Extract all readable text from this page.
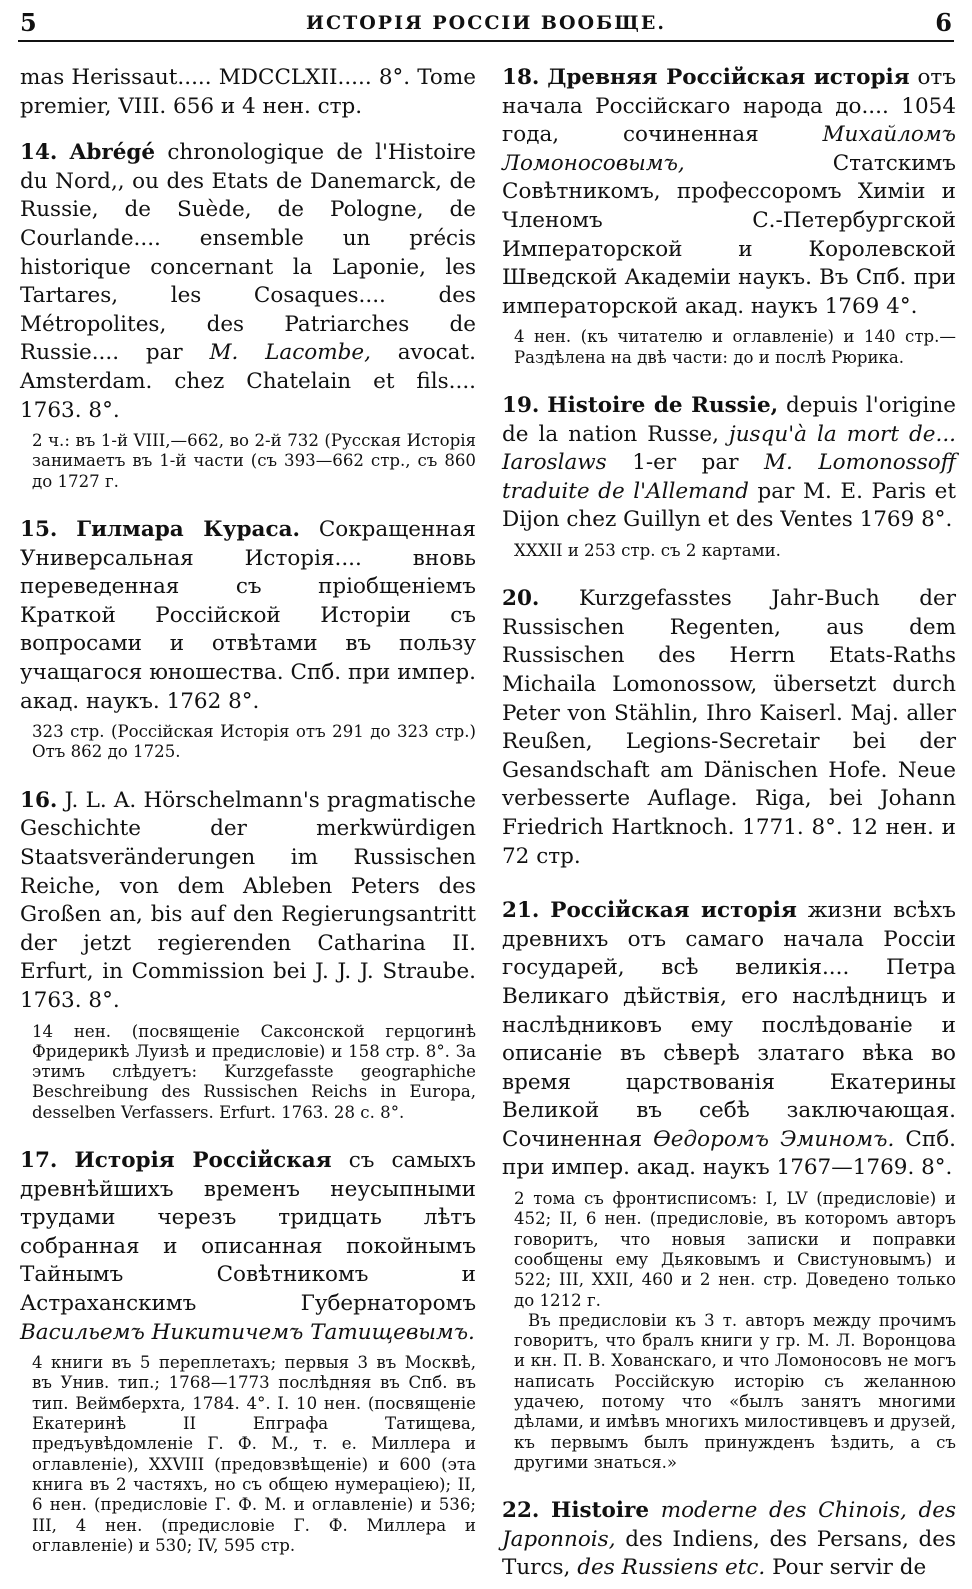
5	ИСТОРІЯ РОССІИ ВООБЩЕ.	6
mas Herissaut..... MDCCLXII..... 8°. Tome premier, VIII. 656 и 4 нен. стр.
14. Abrégé chronologique de l'Histoire du Nord,, ou des Etats de Danemarck, de Russie, de Suède, de Pologne, de Courlande.... ensemble un précis historique concernant la Laponie, les Tartares, les Cosaques.... des Métropolites, des Patriarches de Russie.... par M. Lacombe, avocat. Amsterdam. chez Chatelain et fils.... 1763. 8°.

2 ч.: въ 1-й VIII,—662, во 2-й 732 (Русская Исторія занимаетъ въ 1-й части (съ 393—662 стр., съ 860 до 1727 г.

15. Гилмара Кураса. Сокращенная Универсальная Исторія.... вновь переведенная съ пріобщеніемъ Краткой Россійской Исторіи съ вопросами и отвѣтами въ пользу учащагося юношества. Спб. при импер. акад. наукъ. 1762 8°.

323 стр. (Россійская Исторія отъ 291 до 323 стр.) Отъ 862 до 1725.

16. J. L. A. Hörschelmann's pragmatische Geschichte der merkwürdigen Staatsveränderungen im Russischen Reiche, von dem Ableben Peters des Großen an, bis auf den Regierungsantritt der jetzt regierenden Catharina II. Erfurt, in Commission bei J. J. J. Straube. 1763. 8°.

14 нен. (посвященіе Саксонской герцогинѣ Фридерикѣ Луизѣ и предисловіе) и 158 стр. 8°. За этимъ слѣдуетъ: Kurzgefasste geographiche Beschreibung des Russischen Reichs in Europa, desselben Verfassers. Erfurt. 1763. 28 с. 8°.

17. Исторія Россійская съ самыхъ древнѣйшихъ временъ неусыпными трудами черезъ тридцать лѣтъ собранная и описанная покойнымъ Тайнымъ Совѣтникомъ и Астраханскимъ Губернаторомъ Васильемъ Никитичемъ Татищевымъ.

4 книги въ 5 переплетахъ; первыя 3 въ Москвѣ, въ Унив. тип.; 1768—1773 послѣдняя въ Спб. въ тип. Веймберхта, 1784. 4°. I. 10 нен. (посвященіе Екатеринѣ II Епграфа Татищева, предъувѣдомленіе Г. Ф. М., т. е. Миллера и оглавленіе), XXVIII (предовзвѣщеніе) и 600 (эта книга въ 2 частяхъ, но съ общею нумераціею); II, 6 нен. (предисловіе Г. Ф. М. и оглавленіе) и 536; III, 4 нен. (предисловіе Г. Ф. Миллера и оглавленіе) и 530; IV, 595 стр.

18. Древняя Россійская исторія отъ начала Россійскаго народа до.... 1054 года, сочиненная	Михайломъ Ломоносовымъ,	Статскимъ Совѣтникомъ, профессоромъ Химіи и Членомъ С.-Петербургской Императорской и Королевской Шведской Академіи наукъ. Въ Спб. при императорской акад. наукъ 1769 4°.

4 нен. (къ читателю и оглавленіе) и 140 стр.— Раздѣлена на двѣ части: до и послѣ Рюрика.

19. Histoire de Russie, depuis l'origine de la nation Russe, jusqu'à la mort de... Iaroslaws 1-er par M. Lomonossoff traduite de l'Allemand par M. E. Paris et Dijon chez Guillyn et des Ventes 1769 8°.

XXXII и 253 стр. съ 2 картами.

20. Kurzgefasstes Jahr-Buch der Russischen Regenten, aus dem Russischen des Herrn Etats-Raths Michaila Lomonossow, übersetzt durch Peter von Stählin, Ihro Kaiserl. Maj. aller Reußen, Legions-Secretair bei der Gesandschaft am Dänischen Hofe. Neue verbesserte Auflage. Riga, bei Johann Friedrich Hartknoch. 1771. 8°. 12 нен. и 72 стр.
21. Россійская исторія жизни всѣхъ древнихъ отъ самаго начала Россіи государей, всѣ великія.... Петра Великаго дѣйствія, его наслѣдницъ и наслѣдниковъ ему послѣдованіе и описаніе въ сѣверѣ златаго вѣка во время царствованія Екатерины Великой въ себѣ заключающая. Сочиненная Өедоромъ Эминомъ. Спб. при импер. акад. наукъ 1767—1769. 8°.

2 тома съ фронтисписомъ: I, LV (предисловіе) и 452; II, 6 нен. (предисловіе, въ которомъ авторъ говоритъ, что новыя записки и поправки сообщены ему Дьяковымъ и Свистуновымъ) и 522; III, XXII, 460 и 2 нен. стр. Доведено только до 1212 г.

Въ предисловіи къ 3 т. авторъ между прочимъ говоритъ, что бралъ книги у гр. М. Л. Воронцова и кн. П. В. Хованскаго, и что Ломоносовъ не могъ написать Россійскую исторію съ желанною удачею, потому что «былъ занятъ многими дѣлами, и имѣвъ многихъ милостивцевъ и друзей, къ первымъ былъ принужденъ ѣздить, а съ другими знаться.»

22. Histoire moderne des Chinois, des Japonnois, des Indiens, des Persans, des Turcs, des Russiens etc. Pour servir de
